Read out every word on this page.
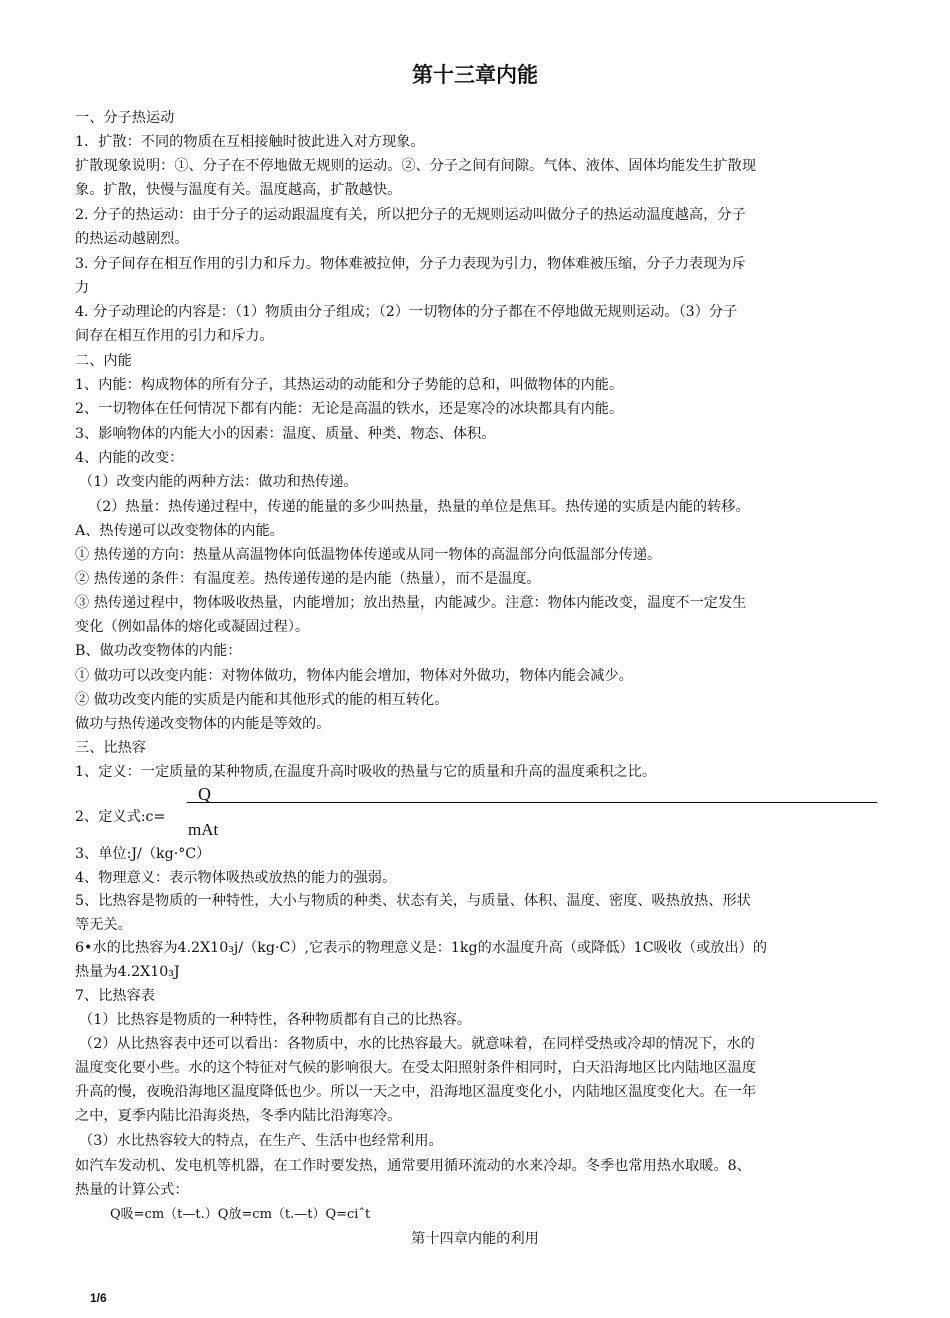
第十三章内能
一、分子热运动
1．扩散：不同的物质在互相接触时彼此进入对方现象。
扩散现象说明：①、分子在不停地做无规则的运动。②、分子之间有间隙。气体、液体、固体均能发生扩散现
象。扩散，快慢与温度有关。温度越高，扩散越快。
2. 分子的热运动：由于分子的运动跟温度有关，所以把分子的无规则运动叫做分子的热运动温度越高，分子
的热运动越剧烈。
3. 分子间存在相互作用的引力和斥力。物体难被拉伸，分子力表现为引力，物体难被压缩，分子力表现为斥
力
4. 分子动理论的内容是：（1）物质由分子组成；（2）一切物体的分子都在不停地做无规则运动。（3）分子
间存在相互作用的引力和斥力。
二、内能
1、内能：构成物体的所有分子，其热运动的动能和分子势能的总和，叫做物体的内能。
2、一切物体在任何情况下都有内能：无论是高温的铁水，还是寒冷的冰块都具有内能。
3、影响物体的内能大小的因素：温度、质量、种类、物态、体积。
4、内能的改变：
（1）改变内能的两种方法：做功和热传递。
（2）热量：热传递过程中，传递的能量的多少叫热量，热量的单位是焦耳。热传递的实质是内能的转移。
A、热传递可以改变物体的内能。
① 热传递的方向：热量从高温物体向低温物体传递或从同一物体的高温部分向低温部分传递。
② 热传递的条件：有温度差。热传递传递的是内能（热量），而不是温度。
③ 热传递过程中，物体吸收热量，内能增加；放出热量，内能减少。注意：物体内能改变，温度不一定发生
变化（例如晶体的熔化或凝固过程）。
B、做功改变物体的内能：
① 做功可以改变内能：对物体做功，物体内能会增加，物体对外做功，物体内能会减少。
② 做功改变内能的实质是内能和其他形式的能的相互转化。
做功与热传递改变物体的内能是等效的。
三、比热容
1、定义：一定质量的某种物质,在温度升高时吸收的热量与它的质量和升高的温度乘积之比。
Q
2、定义式:c=
mAt
3、单位:J/（kg·°C）
4、物理意义：表示物体吸热或放热的能力的强弱。
5、比热容是物质的一种特性，大小与物质的种类、状态有关，与质量、体积、温度、密度、吸热放热、形状
等无关。
6•水的比热容为4.2X10₃j/（kg·C）,它表示的物理意义是：1kg的水温度升高（或降低）1C吸收（或放出）的
热量为4.2X10₃J
7、比热容表
（1）比热容是物质的一种特性，各种物质都有自己的比热容。
（2）从比热容表中还可以看出：各物质中，水的比热容最大。就意味着，在同样受热或冷却的情况下，水的
温度变化要小些。水的这个特征对气候的影响很大。在受太阳照射条件相同时，白天沿海地区比内陆地区温度
升高的慢，夜晚沿海地区温度降低也少。所以一天之中，沿海地区温度变化小，内陆地区温度变化大。在一年
之中，夏季内陆比沿海炎热，冬季内陆比沿海寒冷。
（3）水比热容较大的特点，在生产、生活中也经常利用。
如汽车发动机、发电机等机器，在工作时要发热，通常要用循环流动的水来冷却。冬季也常用热水取暖。8、
热量的计算公式：
Q吸=cm（t—t.）Q放=cm（t.—t）Q=ciˆt
第十四章内能的利用
1/6
